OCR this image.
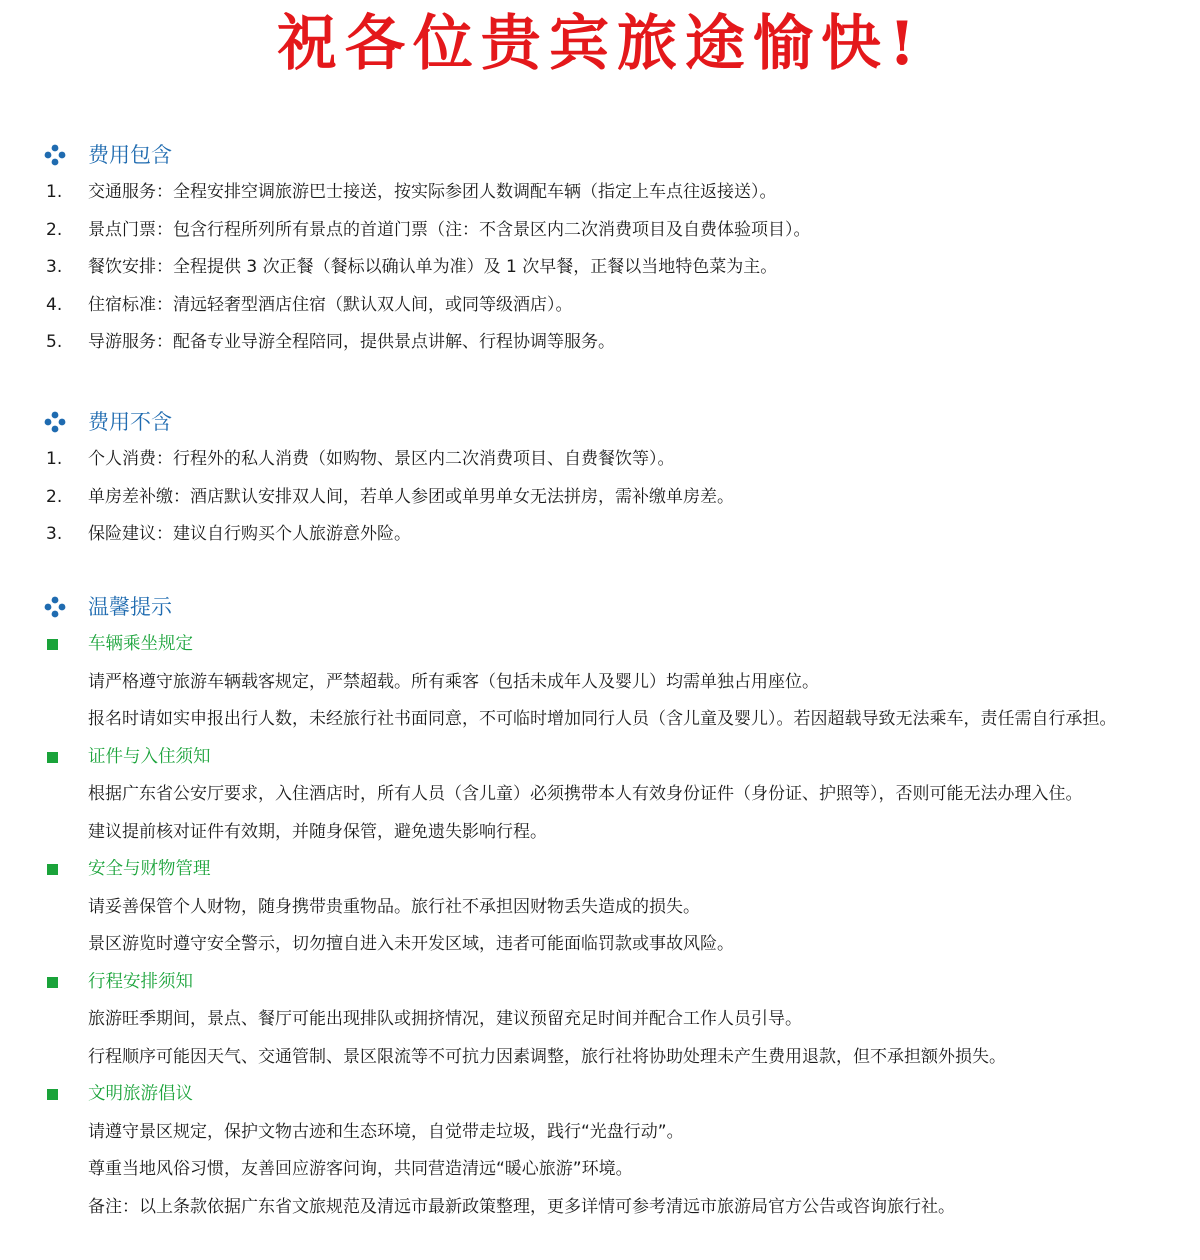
祝各位贵宾旅途愉快!
费用包含
1. 交通服务：全程安排空调旅游巴士接送，按实际参团人数调配车辆（指定上车点往返接送）。
2. 景点门票：包含行程所列所有景点的首道门票（注：不含景区内二次消费项目及自费体验项目）。
3. 餐饮安排：全程提供 3 次正餐（餐标以确认单为准）及 1 次早餐，正餐以当地特色菜为主。
4. 住宿标准：清远轻奢型酒店住宿（默认双人间，或同等级酒店）。
5. 导游服务：配备专业导游全程陪同，提供景点讲解、行程协调等服务。
费用不含
1. 个人消费：行程外的私人消费（如购物、景区内二次消费项目、自费餐饮等）。
2. 单房差补缴：酒店默认安排双人间，若单人参团或单男单女无法拼房，需补缴单房差。
3. 保险建议：建议自行购买个人旅游意外险。
温馨提示
车辆乘坐规定
请严格遵守旅游车辆载客规定，严禁超载。所有乘客（包括未成年人及婴儿）均需单独占用座位。
报名时请如实申报出行人数，未经旅行社书面同意，不可临时增加同行人员（含儿童及婴儿）。若因超载导致无法乘车，责任需自行承担。
证件与入住须知
根据广东省公安厅要求，入住酒店时，所有人员（含儿童）必须携带本人有效身份证件（身份证、护照等），否则可能无法办理入住。
建议提前核对证件有效期，并随身保管，避免遗失影响行程。
安全与财物管理
请妥善保管个人财物，随身携带贵重物品。旅行社不承担因财物丢失造成的损失。
景区游览时遵守安全警示，切勿擅自进入未开发区域，违者可能面临罚款或事故风险。
行程安排须知
旅游旺季期间，景点、餐厅可能出现排队或拥挤情况，建议预留充足时间并配合工作人员引导。
行程顺序可能因天气、交通管制、景区限流等不可抗力因素调整，旅行社将协助处理未产生费用退款，但不承担额外损失。
文明旅游倡议
请遵守景区规定，保护文物古迹和生态环境，自觉带走垃圾，践行“光盘行动”。
尊重当地风俗习惯，友善回应游客问询，共同营造清远“暖心旅游”环境。
备注：以上条款依据广东省文旅规范及清远市最新政策整理，更多详情可参考清远市旅游局官方公告或咨询旅行社。
